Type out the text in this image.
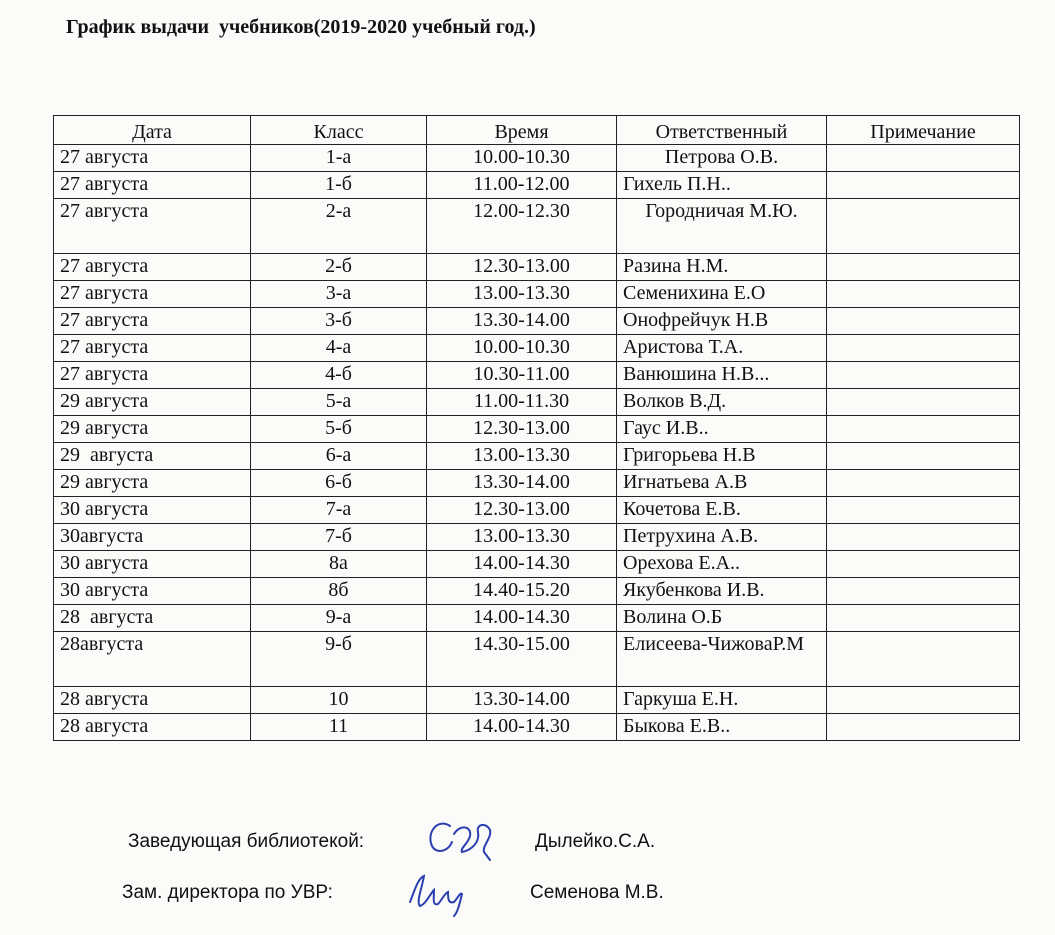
График выдачи  учебников(2019-2020 учебный год.)
Дата	Класс	Время	Ответственный	Примечание
27 августа	1-а	10.00-10.30	Петрова О.В.	
27 августа	1-б	11.00-12.00	Гихель П.Н..	
27 августа	2-а	12.00-12.30	Городничая М.Ю.	
27 августа	2-б	12.30-13.00	Разина Н.М.	
27 августа	3-а	13.00-13.30	Семенихина Е.О	
27 августа	3-б	13.30-14.00	Онофрейчук Н.В	
27 августа	4-а	10.00-10.30	Аристова Т.А.	
27 августа	4-б	10.30-11.00	Ванюшина Н.В...	
29 августа	5-а	11.00-11.30	Волков В.Д.	
29 августа	5-б	12.30-13.00	Гаус И.В..	
29  августа	6-а	13.00-13.30	Григорьева Н.В	
29 августа	6-б	13.30-14.00	Игнатьева А.В	
30 августа	7-а	12.30-13.00	Кочетова Е.В.	
30августа	7-б	13.00-13.30	Петрухина А.В.	
30 августа	8а	14.00-14.30	Орехова Е.А..	
30 августа	8б	14.40-15.20	Якубенкова И.В.	
28  августа	9-а	14.00-14.30	Волина О.Б	
28августа	9-б	14.30-15.00	Елисеева-ЧижоваР.М	
28 августа	10	13.30-14.00	Гаркуша Е.Н.	
28 августа	11	14.00-14.30	Быкова Е.В..	
Заведующая библиотекой:	Дылейко.С.А.
Зам. директора по УВР:	Семенова М.В.
